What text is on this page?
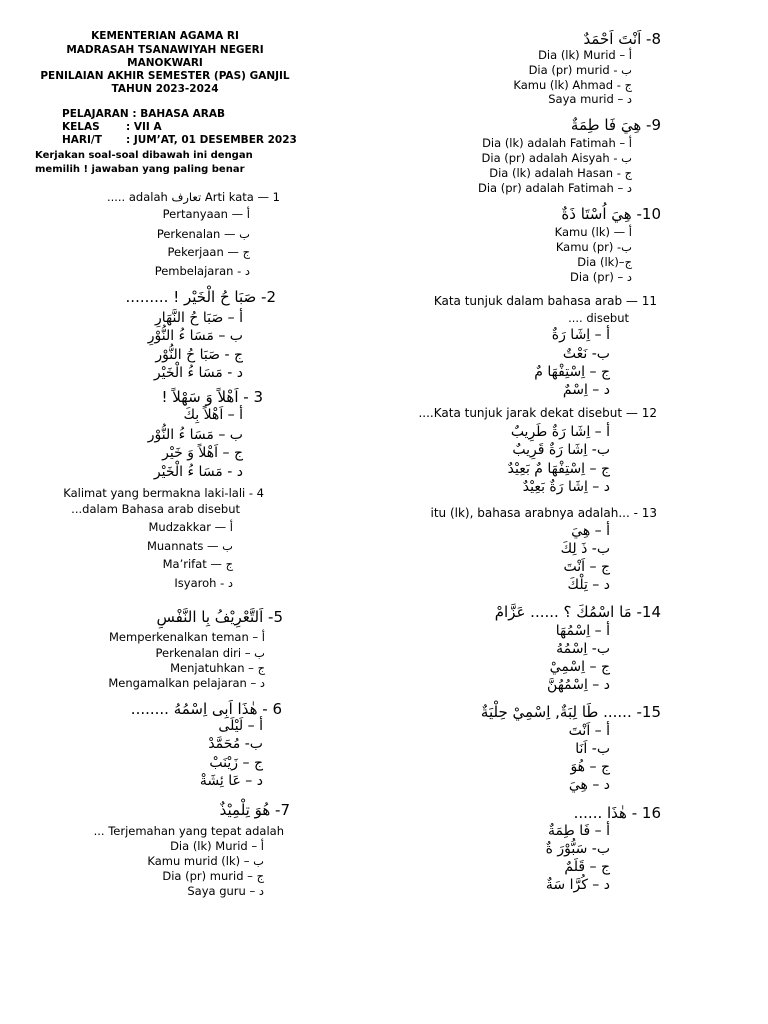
KEMENTERIAN AGAMA RI
MADRASAH TSANAWIYAH NEGERI
MANOKWARI
PENILAIAN AKHIR SEMESTER (PAS) GANJIL
TAHUN 2023-2024
PELAJARAN : BAHASA ARAB
KELAS	: VII A
HARI/T : JUM’AT, 01 DESEMBER 2023
Kerjakan soal-soal dibawah ini dengan memilih ! jawaban yang paling benar
..... adalah تعارف Arti kata — 1
Pertanyaan — أ
Perkenalan — ب
Pekerjaan — ج
Pembelajaran - د
2- صَبَا حُ الْخَيْر ! .........
أ – صَبَا حُ النَّهَارِ
ب – مَسَا ءُ النُّوْرِ
ج - صَبَا حُ النُّوْر
د - مَسَا ءُ الْخَيْر
3 - اَهْلاً وَ سَهْلاً !
أ – اَهْلاً بِكَ
ب – مَسَا ءُ النُّوْر
ج – اَهْلاً وَ خَيْر
د - مَسَا ءُ الْخَيْر
Kalimat yang bermakna laki-lali - 4
...dalam Bahasa arab disebut
Mudzakkar — أ
Muannats — ب
Ma’rifat — ج
Isyaroh - د
5- اَلتَّعْرِيْفُ بِا النَّفْسِ
Memperkenalkan teman – أ
Perkenalan diri – ب
Menjatuhkan – ج
Mengamalkan pelajaran – د
6 - هٰذَا اَبِى اِسْمُهُ ........
أ – لَيْلَى
ب- مُحَمَّدْ
ج – زَيْنَبْ
د – عَا ئِشَةْ
7- هُوَ تِلْمِيْذٌ
... Terjemahan yang tepat adalah
Dia (lk) Murid – أ
Kamu murid (lk) – ب
Dia (pr) murid – ج
Saya guru – د
8- اَنْتَ اَحْمَدٌ
Dia (lk) Murid – أ
Dia (pr) murid - ب
Kamu (lk) Ahmad - ج
Saya murid – د
9- هِيَ فَا طِمَةٌ
Dia (lk) adalah Fatimah – أ
Dia (pr) adalah Aisyah - ب
Dia (lk) adalah Hasan - ج
Dia (pr) adalah Fatimah – د
10- هِيَ اُسْتَا ذَةٌ
Kamu (lk) — أ
Kamu (pr) -ب
Dia (lk)–ج
Dia (pr) – د
Kata tunjuk dalam bahasa arab — 11
.... disebut
أ – اِشَا رَةٌ
ب- نَعْتٌ
ج – اِسْتِفْهَا مٌ
د – اِسْمٌ
....Kata tunjuk jarak dekat disebut — 12
أ – اِشَا رَةٌ طَرِيبٌ
ب- اِشَا رَةٌ قَرِيبٌ
ج – اِسْتِفْهَا مٌ بَعِيْدٌ
د – اِشَا رَةٌ بَعِيْدٌ
itu (lk), bahasa arabnya adalah... - 13
أ – هِيَ
ب- ذَ لِكَ
ج – اَنْتَ
د – تِلْكَ
14- مَا اسْمُكَ ؟ ...... عَزَّامْ
أ – اِسْمُهَا
ب- اِسْمُهُ
ج – اِسْمِيْ
د – اِسْمُهُنَّ
15- ...... طَا لِبَةٌ, اِسْمِيْ حِلْيَةٌ
أ – اَنْتَ
ب- اَنَا
ج – هُوَ
د – هِيَ
16 - هٰذَا ......
أ – فَا طِمَةٌ
ب- سَبُّوْرَ ةٌ
ج – قَلَمٌ
د – كُرَّا سَةٌ
